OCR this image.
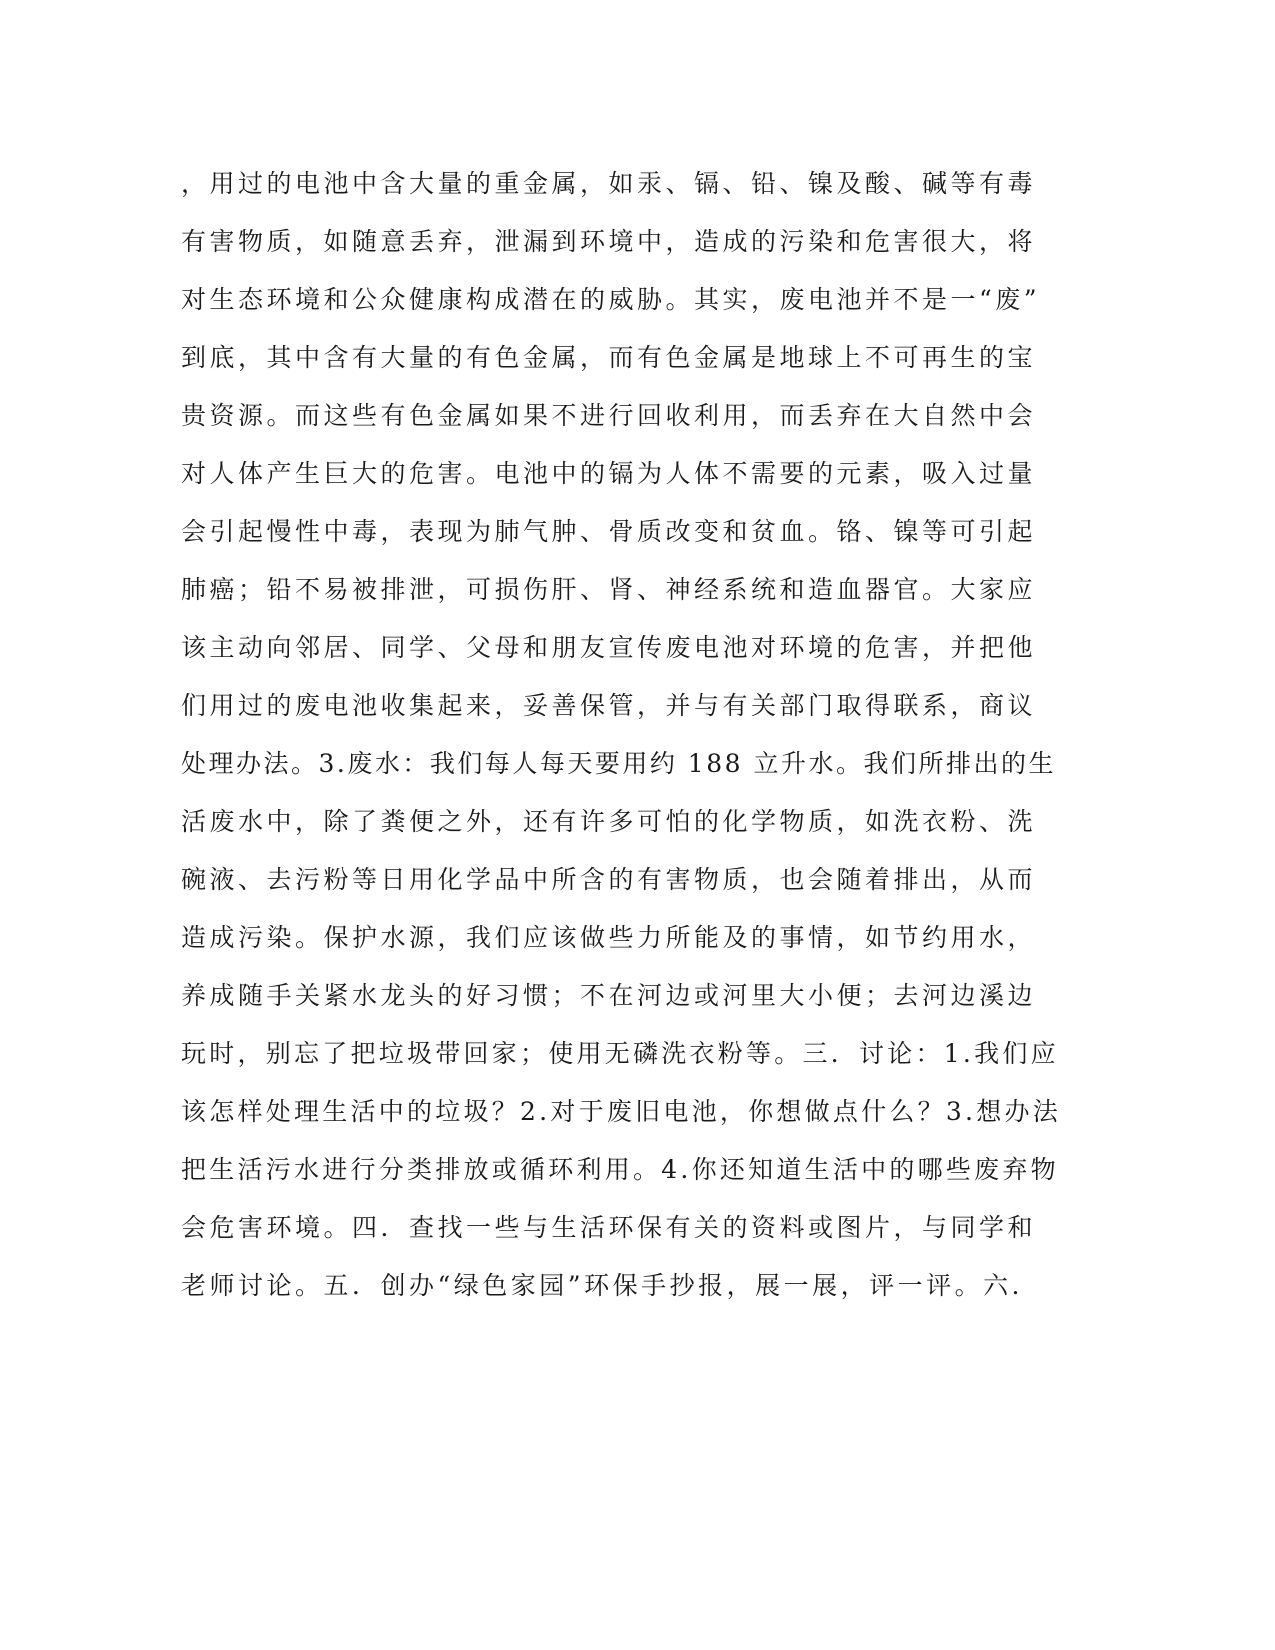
，用过的电池中含大量的重金属，如汞、镉、铅、镍及酸、碱等有毒
有害物质，如随意丢弃，泄漏到环境中，造成的污染和危害很大，将
对生态环境和公众健康构成潜在的威胁。其实，废电池并不是一“废”
到底，其中含有大量的有色金属，而有色金属是地球上不可再生的宝
贵资源。而这些有色金属如果不进行回收利用，而丢弃在大自然中会
对人体产生巨大的危害。电池中的镉为人体不需要的元素，吸入过量
会引起慢性中毒，表现为肺气肿、骨质改变和贫血。铬、镍等可引起
肺癌；铅不易被排泄，可损伤肝、肾、神经系统和造血器官。大家应
该主动向邻居、同学、父母和朋友宣传废电池对环境的危害，并把他
们用过的废电池收集起来，妥善保管，并与有关部门取得联系，商议
处理办法。3.废水：我们每人每天要用约 188 立升水。我们所排出的生
活废水中，除了粪便之外，还有许多可怕的化学物质，如洗衣粉、洗
碗液、去污粉等日用化学品中所含的有害物质，也会随着排出，从而
造成污染。保护水源，我们应该做些力所能及的事情，如节约用水，
养成随手关紧水龙头的好习惯；不在河边或河里大小便；去河边溪边
玩时，别忘了把垃圾带回家；使用无磷洗衣粉等。三．讨论：1.我们应
该怎样处理生活中的垃圾？2.对于废旧电池，你想做点什么？3.想办法
把生活污水进行分类排放或循环利用。4.你还知道生活中的哪些废弃物
会危害环境。四．查找一些与生活环保有关的资料或图片，与同学和
老师讨论。五．创办“绿色家园”环保手抄报，展一展，评一评。六．
